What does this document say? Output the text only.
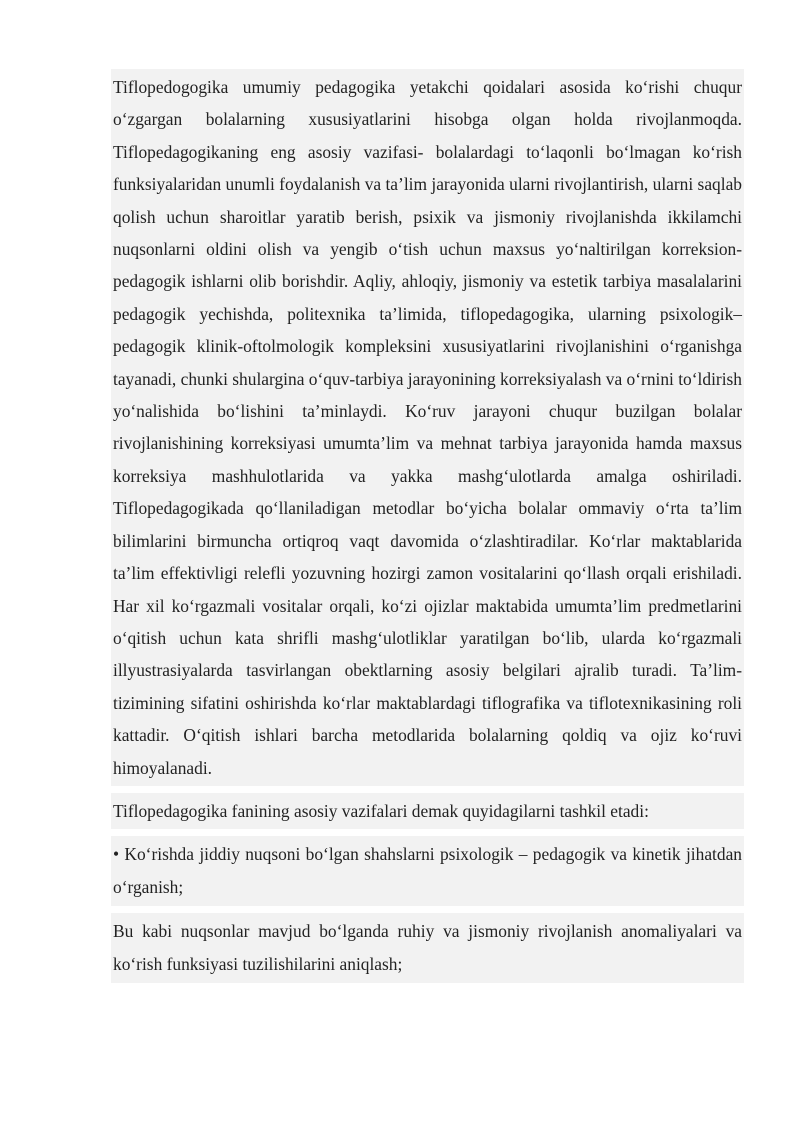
Tiflopedogogika umumiy pedagogika yetakchi qoidalari asosida ko‘rishi chuqur o‘zgargan bolalarning xususiyatlarini hisobga olgan holda rivojlanmoqda. Tiflopedagogikaning eng asosiy vazifasi- bolalardagi to‘laqonli bo‘lmagan ko‘rish funksiyalaridan unumli foydalanish va ta’lim jarayonida ularni rivojlantirish, ularni saqlab qolish uchun sharoitlar yaratib berish, psixik va jismoniy rivojlanishda ikkilamchi nuqsonlarni oldini olish va yengib o‘tish uchun maxsus yo‘naltirilgan korreksion- pedagogik ishlarni olib borishdir. Aqliy, ahloqiy, jismoniy va estetik tarbiya masalalarini pedagogik yechishda, politexnika ta’limida, tiflopedagogika, ularning psixologik–pedagogik klinik-oftolmologik kompleksini xususiyatlarini rivojlanishini o‘rganishga tayanadi, chunki shulargina o‘quv-tarbiya jarayonining korreksiyalash va o‘rnini to‘ldirish yo‘nalishida bo‘lishini ta’minlaydi. Ko‘ruv jarayoni chuqur buzilgan bolalar rivojlanishining korreksiyasi umumta’lim va mehnat tarbiya jarayonida hamda maxsus korreksiya mashhulotlarida va yakka mashg‘ulotlarda amalga oshiriladi. Tiflopedagogikada qo‘llaniladigan metodlar bo‘yicha bolalar ommaviy o‘rta ta’lim bilimlarini birmuncha ortiqroq vaqt davomida o‘zlashtiradilar. Ko‘rlar maktablarida ta’lim effektivligi relefli yozuvning hozirgi zamon vositalarini qo‘llash orqali erishiladi. Har xil ko‘rgazmali vositalar orqali, ko‘zi ojizlar maktabida umumta’lim predmetlarini o‘qitish uchun kata shrifli mashg‘ulotliklar yaratilgan bo‘lib, ularda ko‘rgazmali illyustrasiyalarda tasvirlangan obektlarning asosiy belgilari ajralib turadi. Ta’lim-tizimining sifatini oshirishda ko‘rlar maktablardagi tiflografika va tiflotexnikasining roli kattadir. O‘qitish ishlari barcha metodlarida bolalarning qoldiq va ojiz ko‘ruvi himoyalanadi.

Tiflopedagogika fanining asosiy vazifalari demak quyidagilarni tashkil etadi:

• Ko‘rishda jiddiy nuqsoni bo‘lgan shahslarni psixologik – pedagogik va kinetik jihatdan o‘rganish;

Bu kabi nuqsonlar mavjud bo‘lganda ruhiy va jismoniy rivojlanish anomaliyalari va ko‘rish funksiyasi tuzilishilarini aniqlash;
